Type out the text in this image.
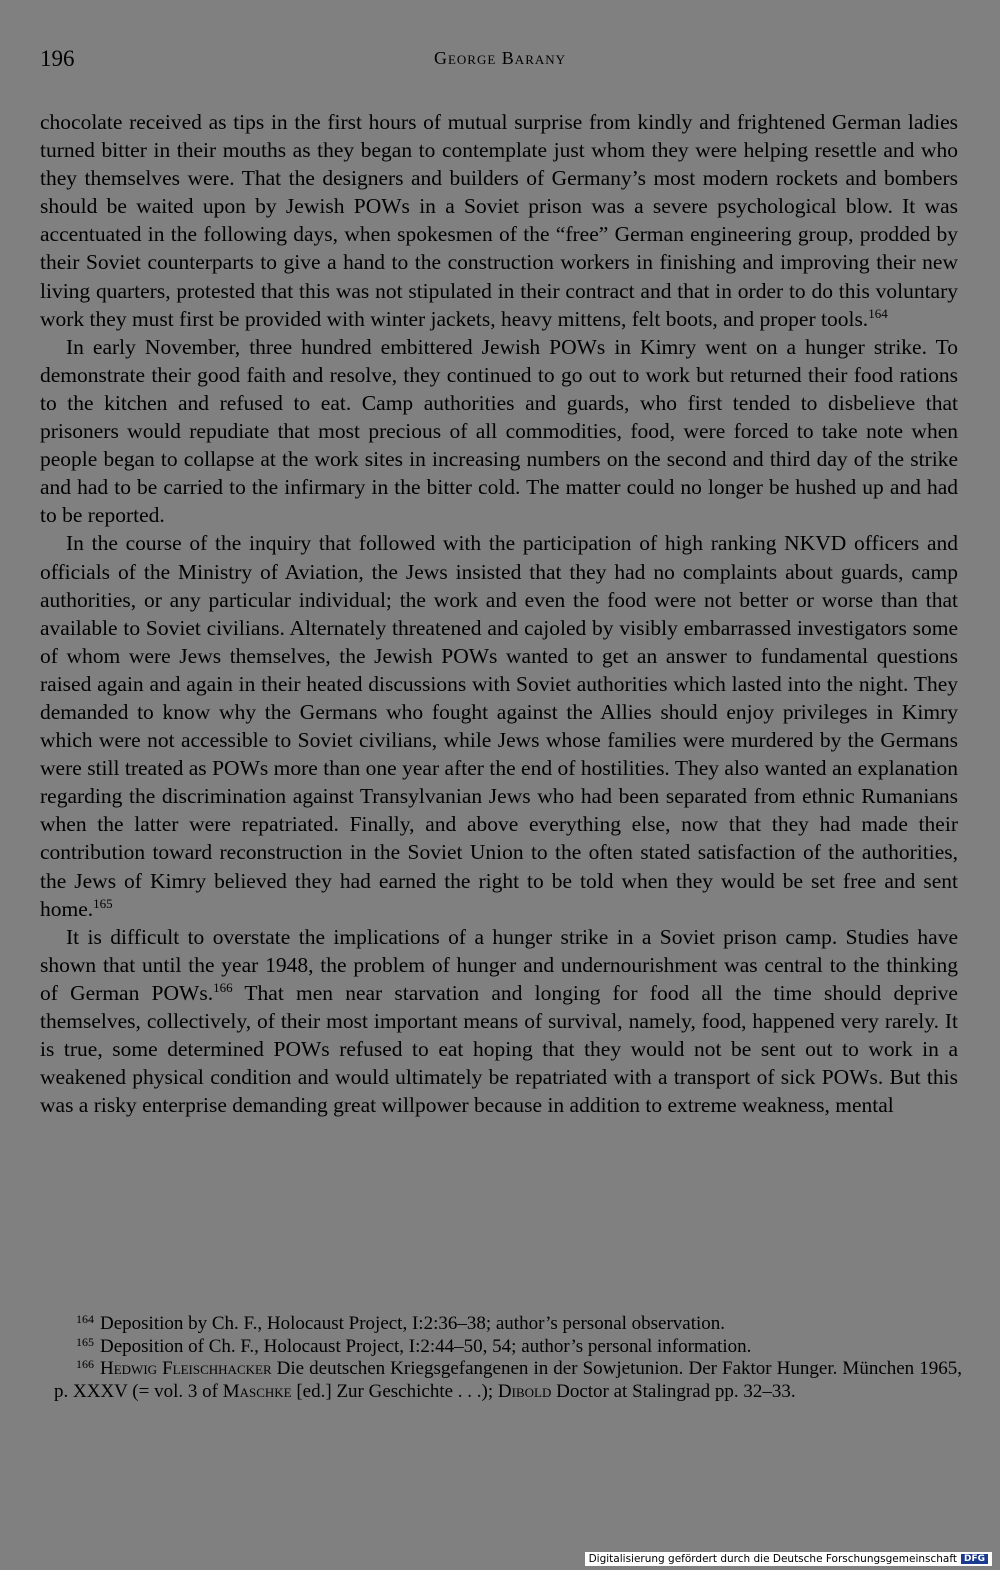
196	George Barany

chocolate received as tips in the first hours of mutual surprise from kindly and frightened German ladies turned bitter in their mouths as they began to contemplate just whom they were helping resettle and who they themselves were. That the designers and builders of Germany’s most modern rockets and bombers should be waited upon by Jewish POWs in a Soviet prison was a severe psychological blow. It was accentuated in the following days, when spokesmen of the “free” German engineering group, prodded by their Soviet counterparts to give a hand to the construction workers in finishing and improving their new living quarters, protested that this was not stipulated in their contract and that in order to do this voluntary work they must first be provided with winter jackets, heavy mittens, felt boots, and proper tools.$^{164}$

In early November, three hundred embittered Jewish POWs in Kimry went on a hunger strike. To demonstrate their good faith and resolve, they continued to go out to work but returned their food rations to the kitchen and refused to eat. Camp authorities and guards, who first tended to disbelieve that prisoners would repudiate that most precious of all commodities, food, were forced to take note when people began to collapse at the work sites in increasing numbers on the second and third day of the strike and had to be carried to the infirmary in the bitter cold. The matter could no longer be hushed up and had to be reported.

In the course of the inquiry that followed with the participation of high ranking NKVD officers and officials of the Ministry of Aviation, the Jews insisted that they had no complaints about guards, camp authorities, or any particular individual; the work and even the food were not better or worse than that available to Soviet civilians. Alternately threatened and cajoled by visibly embarrassed investigators some of whom were Jews themselves, the Jewish POWs wanted to get an answer to fundamental questions raised again and again in their heated discussions with Soviet authorities which lasted into the night. They demanded to know why the Germans who fought against the Allies should enjoy privileges in Kimry which were not accessible to Soviet civilians, while Jews whose families were murdered by the Germans were still treated as POWs more than one year after the end of hostilities. They also wanted an explanation regarding the discrimination against Transylvanian Jews who had been separated from ethnic Rumanians when the latter were repatriated. Finally, and above everything else, now that they had made their contribution toward reconstruction in the Soviet Union to the often stated satisfaction of the authorities, the Jews of Kimry believed they had earned the right to be told when they would be set free and sent home.$^{165}$

It is difficult to overstate the implications of a hunger strike in a Soviet prison camp. Studies have shown that until the year 1948, the problem of hunger and undernourishment was central to the thinking of German POWs.$^{166}$ That men near starvation and longing for food all the time should deprive themselves, collectively, of their most important means of survival, namely, food, happened very rarely. It is true, some determined POWs refused to eat hoping that they would not be sent out to work in a weakened physical condition and would ultimately be repatriated with a transport of sick POWs. But this was a risky enterprise demanding great willpower because in addition to extreme weakness, mental

$^{164}$ Deposition by Ch. F., Holocaust Project, I:2:36–38; author’s personal observation.

$^{165}$ Deposition of Ch. F., Holocaust Project, I:2:44–50, 54; author’s personal information.

$^{166}$ Hedwig Fleischhacker Die deutschen Kriegsgefangenen in der Sowjetunion. Der Faktor Hunger. München 1965, p. XXXV (= vol. 3 of Maschke [ed.] Zur Geschichte . . .); Dibold Doctor at Stalingrad pp. 32–33.

Digitalisierung gefördert durch die Deutsche Forschungsgemeinschaft DFG
